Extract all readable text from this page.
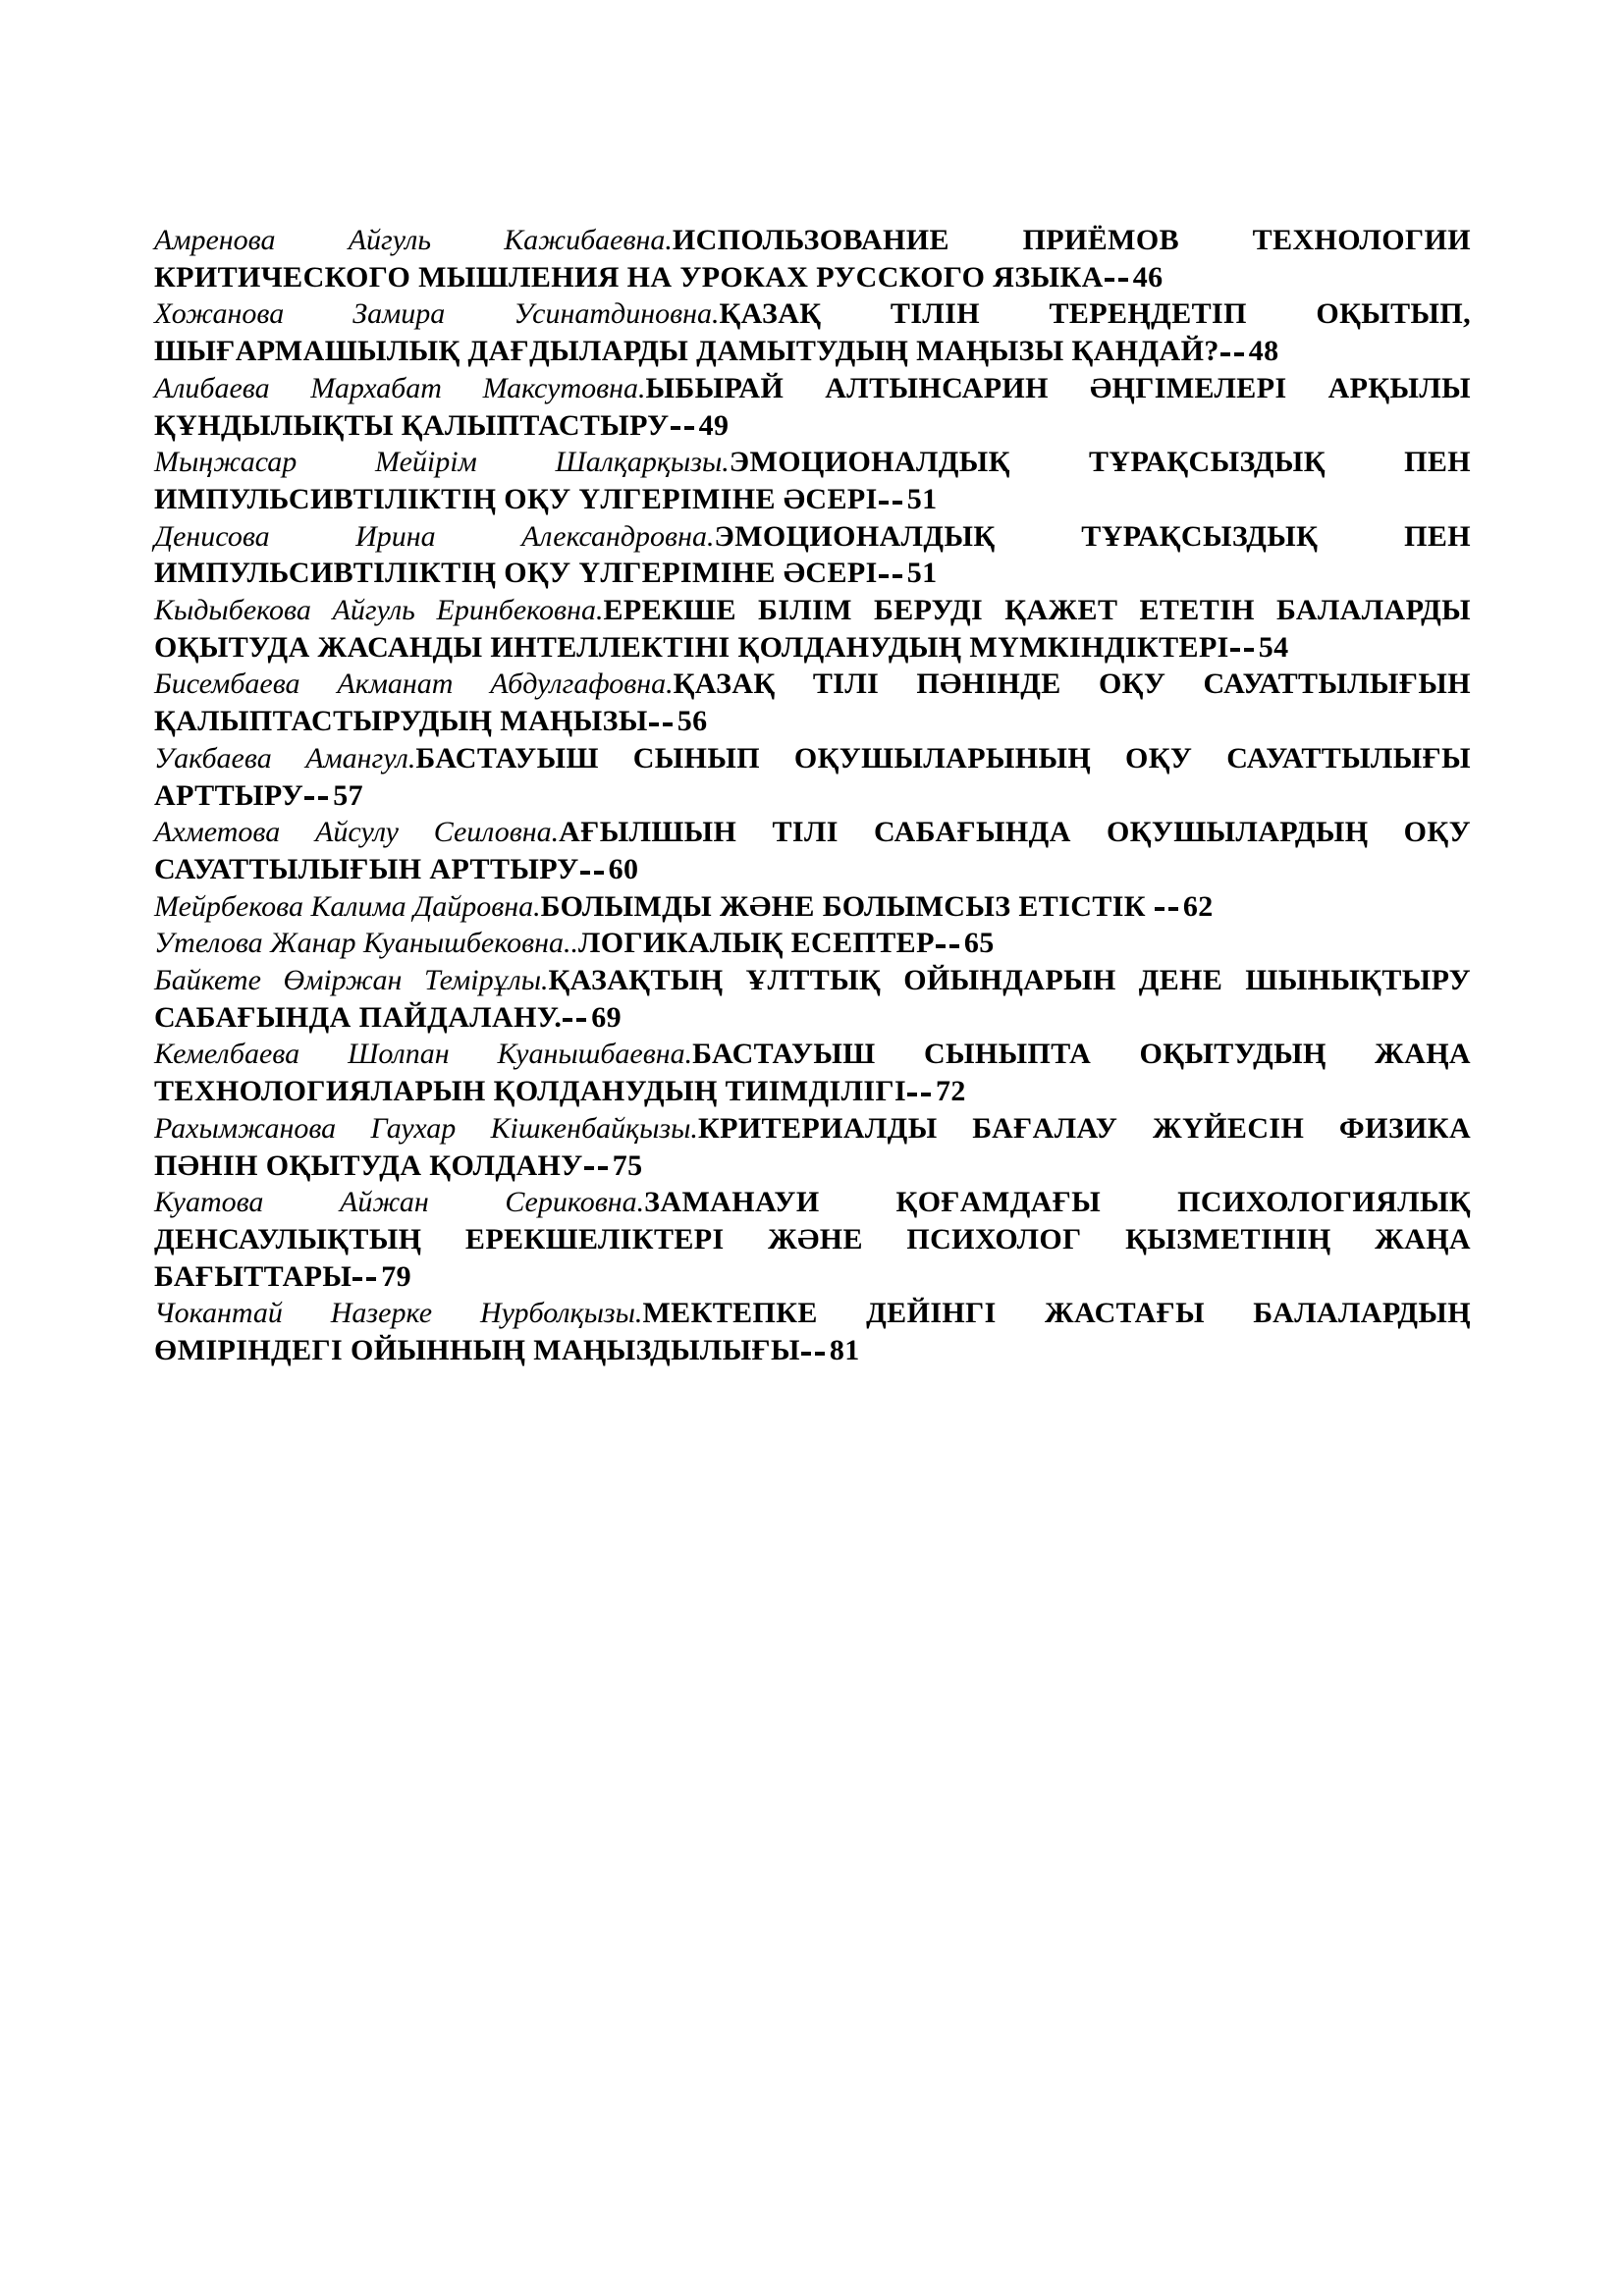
Амренова Айгуль Кажибаевна.ИСПОЛЬЗОВАНИЕ ПРИЁМОВ ТЕХНОЛОГИИ
КРИТИЧЕСКОГО МЫШЛЕНИЯ НА УРОКАХ РУССКОГО ЯЗЫКА 46
Хожанова Замира Усинатдиновна.ҚАЗАҚ ТІЛІН ТЕРЕҢДЕТІП ОҚЫТЫП,
ШЫҒАРМАШЫЛЫҚ ДАҒДЫЛАРДЫ ДАМЫТУДЫҢ МАҢЫЗЫ ҚАНДАЙ? 48
Алибаева Мархабат Максутовна.ЫБЫРАЙ АЛТЫНСАРИН ӘҢГІМЕЛЕРІ АРҚЫЛЫ
ҚҰНДЫЛЫҚТЫ ҚАЛЫПТАСТЫРУ 49
Мыңжасар Мейірім Шалқарқызы.ЭМОЦИОНАЛДЫҚ ТҰРАҚСЫЗДЫҚ ПЕН
ИМПУЛЬСИВТІЛІКТІҢ ОҚУ ҮЛГЕРІМІНЕ ӘСЕРІ 51
Денисова Ирина Александровна.ЭМОЦИОНАЛДЫҚ ТҰРАҚСЫЗДЫҚ ПЕН
ИМПУЛЬСИВТІЛІКТІҢ ОҚУ ҮЛГЕРІМІНЕ ӘСЕРІ 51
Кыдыбекова Айгуль Еринбековна.ЕРЕКШЕ БІЛІМ БЕРУДІ ҚАЖЕТ ЕТЕТІН БАЛАЛАРДЫ
ОҚЫТУДА ЖАСАНДЫ ИНТЕЛЛЕКТІНІ ҚОЛДАНУДЫҢ МҮМКІНДІКТЕРІ 54
Бисембаева Акманат Абдулгафовна.ҚАЗАҚ ТІЛІ ПӘНІНДЕ ОҚУ САУАТТЫЛЫҒЫН
ҚАЛЫПТАСТЫРУДЫҢ МАҢЫЗЫ 56
Уакбаева Амангул.БАСТАУЫШ СЫНЫП ОҚУШЫЛАРЫНЫҢ ОҚУ САУАТТЫЛЫҒЫ
АРТТЫРУ 57
Ахметова Айсулу Сеиловна.АҒЫЛШЫН ТІЛІ САБАҒЫНДА ОҚУШЫЛАРДЫҢ ОҚУ
САУАТТЫЛЫҒЫН АРТТЫРУ 60
Мейрбекова Калима Дайровна. БОЛЫМДЫ ЖӘНЕ БОЛЫМСЫЗ ЕТІСТІК 62
Утелова Жанар Куанышбековна.. ЛОГИКАЛЫҚ ЕСЕПТЕР 65
Байкете Өміржан Темірұлы.ҚАЗАҚТЫҢ ҰЛТТЫҚ ОЙЫНДАРЫН ДЕНЕ ШЫНЫҚТЫРУ
САБАҒЫНДА ПАЙДАЛАНУ. 69
Кемелбаева Шолпан Куанышбаевна.БАСТАУЫШ СЫНЫПТА ОҚЫТУДЫҢ ЖАҢА
ТЕХНОЛОГИЯЛАРЫН ҚОЛДАНУДЫҢ ТИІМДІЛІГІ 72
Рахымжанова Гаухар Кішкенбайқызы.КРИТЕРИАЛДЫ БАҒАЛАУ ЖҮЙЕСІН ФИЗИКА
ПӘНІН ОҚЫТУДА ҚОЛДАНУ 75
Куатова Айжан Сериковна.ЗАМАНАУИ ҚОҒАМДАҒЫ ПСИХОЛОГИЯЛЫҚ
ДЕНСАУЛЫҚТЫҢ ЕРЕКШЕЛІКТЕРІ ЖӘНЕ ПСИХОЛОГ ҚЫЗМЕТІНІҢ ЖАҢА
БАҒЫТТАРЫ 79
Чокантай Назерке Нурболқызы.МЕКТЕПКЕ ДЕЙІНГІ ЖАСТАҒЫ БАЛАЛАРДЫҢ
ӨМІРІНДЕГІ ОЙЫННЫҢ МАҢЫЗДЫЛЫҒЫ 81
